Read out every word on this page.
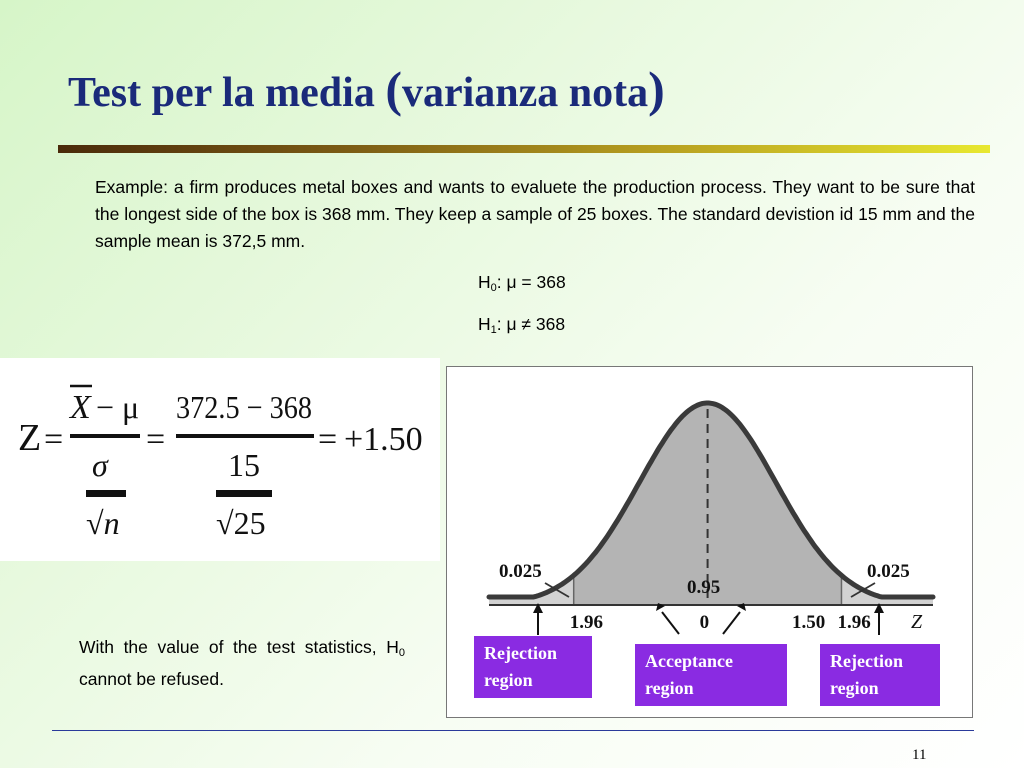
Test per la media (varianza nota)
Example: a firm produces metal boxes and wants to evaluete the production process. They want to be sure that the longest side of the box is 368 mm. They keep a sample of 25 boxes. The standard devistion id 15 mm and the sample mean is 372,5 mm.
$H_0$: μ = 368
$H_1$: μ ≠ 368
Z =
X − μ
σ
√n
=
372.5 − 368
15
√25
= +1.50
With the value of the test statistics, $H_0$ cannot be refused.
0.025	0.025
0.95
1.96	0	1.50 1.96 Z
Rejection
region
Acceptance
region
Rejection
region
11
